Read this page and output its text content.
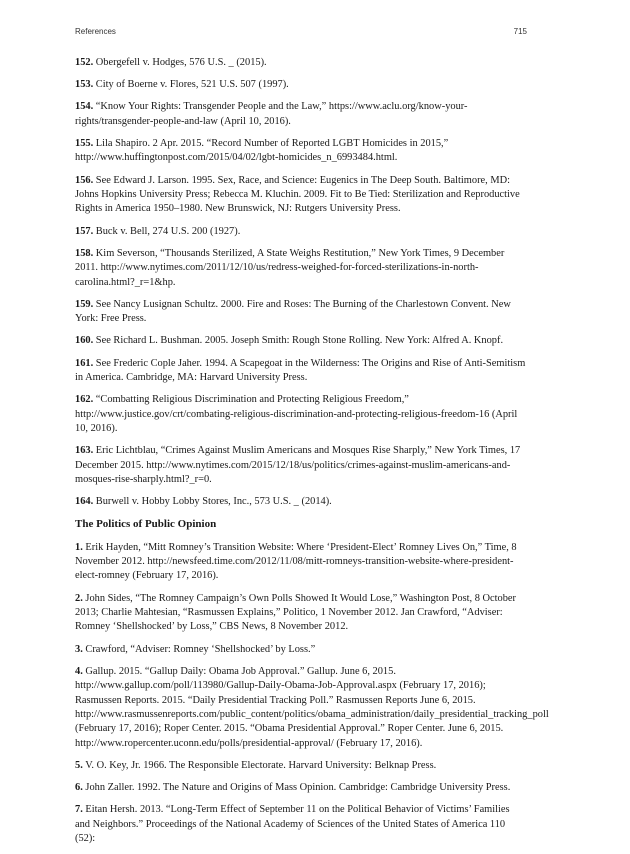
References	715

152. Obergefell v. Hodges, 576 U.S. _ (2015).

153. City of Boerne v. Flores, 521 U.S. 507 (1997).

154. “Know Your Rights: Transgender People and the Law,” https://www.aclu.org/know-your-rights/transgender-people-and-law (April 10, 2016).

155. Lila Shapiro. 2 Apr. 2015. “Record Number of Reported LGBT Homicides in 2015,” http://www.huffingtonpost.com/2015/04/02/lgbt-homicides_n_6993484.html.

156. See Edward J. Larson. 1995. Sex, Race, and Science: Eugenics in The Deep South. Baltimore, MD: Johns Hopkins University Press; Rebecca M. Kluchin. 2009. Fit to Be Tied: Sterilization and Reproductive Rights in America 1950–1980. New Brunswick, NJ: Rutgers University Press.

157. Buck v. Bell, 274 U.S. 200 (1927).

158. Kim Severson, “Thousands Sterilized, A State Weighs Restitution,” New York Times, 9 December 2011. http://www.nytimes.com/2011/12/10/us/redress-weighed-for-forced-sterilizations-in-north-carolina.html?_r=1&hp.

159. See Nancy Lusignan Schultz. 2000. Fire and Roses: The Burning of the Charlestown Convent. New York: Free Press.

160. See Richard L. Bushman. 2005. Joseph Smith: Rough Stone Rolling. New York: Alfred A. Knopf.

161. See Frederic Cople Jaher. 1994. A Scapegoat in the Wilderness: The Origins and Rise of Anti-Semitism in America. Cambridge, MA: Harvard University Press.

162. “Combatting Religious Discrimination and Protecting Religious Freedom,” http://www.justice.gov/crt/combating-religious-discrimination-and-protecting-religious-freedom-16 (April 10, 2016).

163. Eric Lichtblau, “Crimes Against Muslim Americans and Mosques Rise Sharply,” New York Times, 17 December 2015. http://www.nytimes.com/2015/12/18/us/politics/crimes-against-muslim-americans-and-mosques-rise-sharply.html?_r=0.

164. Burwell v. Hobby Lobby Stores, Inc., 573 U.S. _ (2014).

The Politics of Public Opinion

1. Erik Hayden, “Mitt Romney’s Transition Website: Where ‘President-Elect’ Romney Lives On,” Time, 8 November 2012. http://newsfeed.time.com/2012/11/08/mitt-romneys-transition-website-where-president-elect-romney (February 17, 2016).

2. John Sides, “The Romney Campaign’s Own Polls Showed It Would Lose,” Washington Post, 8 October 2013; Charlie Mahtesian, “Rasmussen Explains,” Politico, 1 November 2012. Jan Crawford, “Adviser: Romney ‘Shellshocked’ by Loss,” CBS News, 8 November 2012.

3. Crawford, “Adviser: Romney ‘Shellshocked’ by Loss.”

4. Gallup. 2015. “Gallup Daily: Obama Job Approval.” Gallup. June 6, 2015. http://www.gallup.com/poll/113980/Gallup-Daily-Obama-Job-Approval.aspx (February 17, 2016); Rasmussen Reports. 2015. “Daily Presidential Tracking Poll.” Rasmussen Reports June 6, 2015. http://www.rasmussenreports.com/public_content/politics/obama_administration/daily_presidential_tracking_poll (February 17, 2016); Roper Center. 2015. “Obama Presidential Approval.” Roper Center. June 6, 2015. http://www.ropercenter.uconn.edu/polls/presidential-approval/ (February 17, 2016).

5. V. O. Key, Jr. 1966. The Responsible Electorate. Harvard University: Belknap Press.

6. John Zaller. 1992. The Nature and Origins of Mass Opinion. Cambridge: Cambridge University Press.

7. Eitan Hersh. 2013. “Long-Term Effect of September 11 on the Political Behavior of Victims’ Families and Neighbors.” Proceedings of the National Academy of Sciences of the United States of America 110 (52):
